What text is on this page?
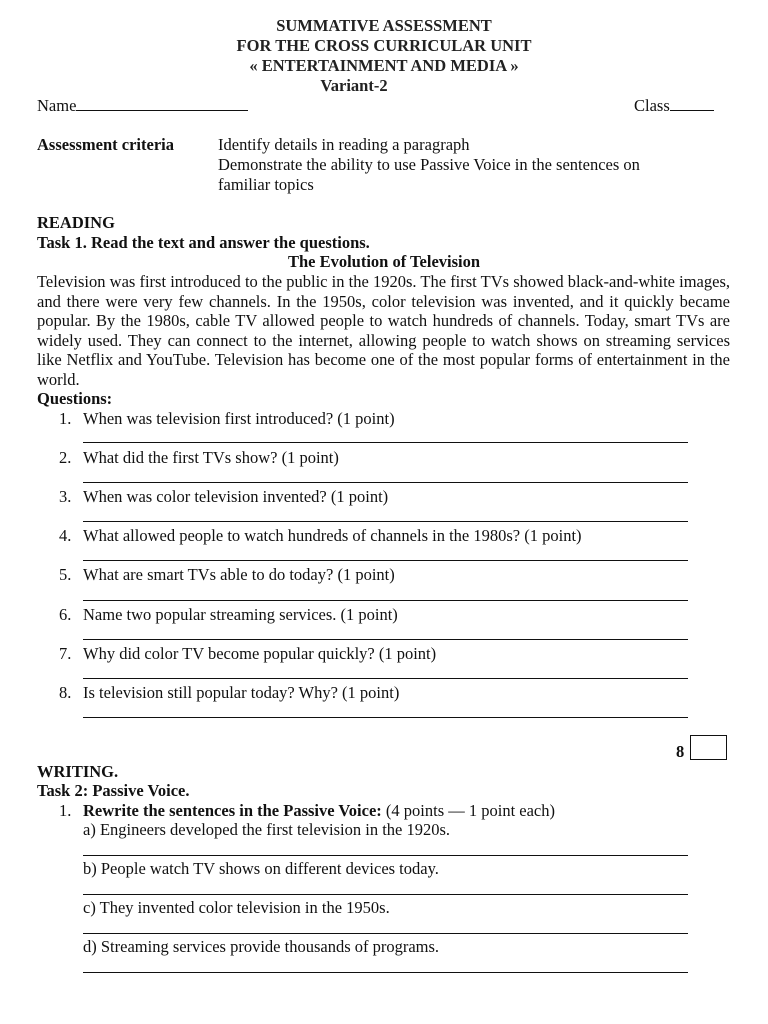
SUMMATIVE ASSESSMENT
FOR THE CROSS CURRICULAR UNIT
« ENTERTAINMENT AND MEDIA »
Variant-2
Name	Class
Assessment criteria	Identify details in reading a paragraph
Demonstrate the ability to use Passive Voice in the sentences on
familiar topics
READING
Task 1. Read the text and answer the questions.
The Evolution of Television
Television was first introduced to the public in the 1920s. The first TVs showed black-and-white images, and there were very few channels. In the 1950s, color television was invented, and it quickly became popular. By the 1980s, cable TV allowed people to watch hundreds of channels. Today, smart TVs are widely used. They can connect to the internet, allowing people to watch shows on streaming services like Netflix and YouTube. Television has become one of the most popular forms of entertainment in the world.
Questions:
1. When was television first introduced? (1 point)
2. What did the first TVs show? (1 point)
3. When was color television invented? (1 point)
4. What allowed people to watch hundreds of channels in the 1980s? (1 point)
5. What are smart TVs able to do today? (1 point)
6. Name two popular streaming services. (1 point)
7. Why did color TV become popular quickly? (1 point)
8. Is television still popular today? Why? (1 point)
8
WRITING.
Task 2: Passive Voice.
1. Rewrite the sentences in the Passive Voice: (4 points — 1 point each)
a) Engineers developed the first television in the 1920s.
b) People watch TV shows on different devices today.
c) They invented color television in the 1950s.
d) Streaming services provide thousands of programs.
